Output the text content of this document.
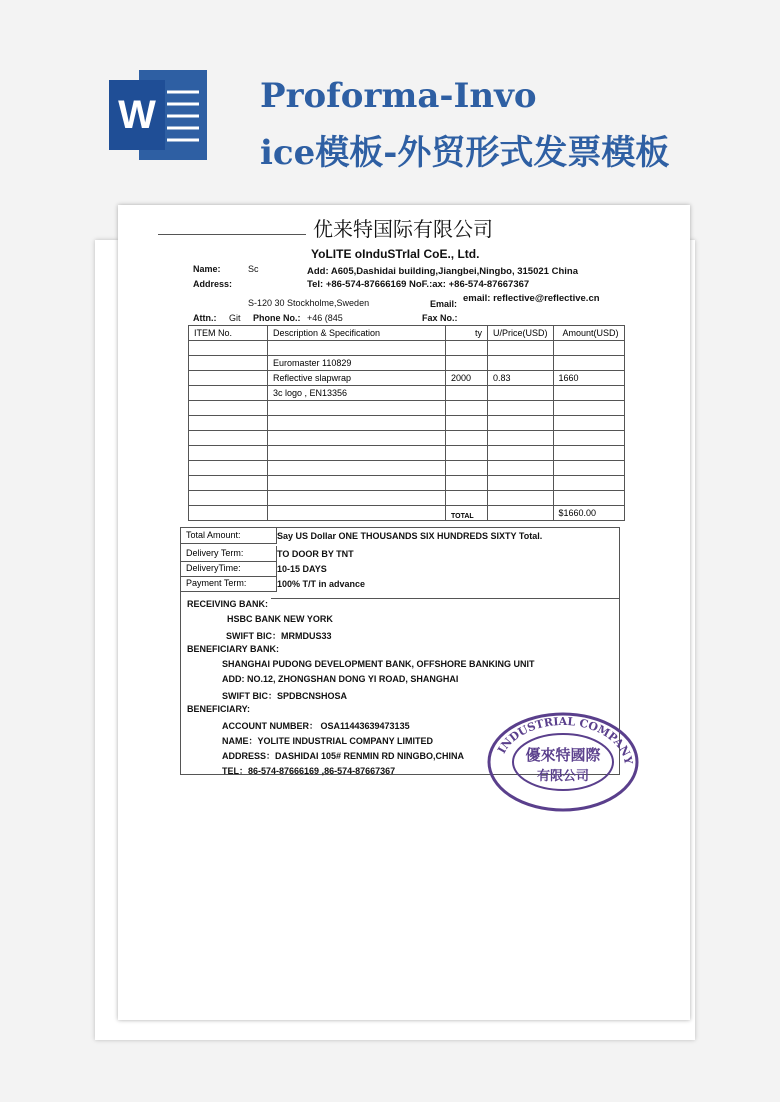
W	Proforma-Invo
ice模板-外贸形式发票模板
优来特国际有限公司
YoLITE oInduSTrIal CoE., Ltd.
Add: A605,Dashidai building,Jiangbei,Ningbo, 315021 China
Tel: +86-574-87666169 NoF.:ax: +86-574-87667367
email: reflective@reflective.cn
Name:	Sc
Address:
S-120 30 Stockholme,Sweden	Email:
Attn.: Git Phone No.: +46 (845	Fax No.:
ITEM No.	Description & Specification	ty	U/Price(USD)	Amount(USD)

	Euromaster 110829			
	Reflective slapwrap	2000	0.83	1660
	3c logo , EN13356			

		TOTAL		$1660.00
Total Amount:	Say US Dollar ONE THOUSANDS SIX HUNDREDS SIXTY Total.
Delivery Term:	TO DOOR BY TNT
DeliveryTime:	10-15 DAYS
Payment Term:	100% T/T in advance
RECEIVING BANK:
HSBC BANK NEW YORK
SWIFT BIC：MRMDUS33
BENEFICIARY BANK:
SHANGHAI PUDONG DEVELOPMENT BANK, OFFSHORE BANKING UNIT
ADD: NO.12, ZHONGSHAN DONG YI ROAD, SHANGHAI
SWIFT BIC：SPDBCNSHOSA
BENEFICIARY:
ACCOUNT NUMBER： OSA11443639473135
NAME：YOLITE INDUSTRIAL COMPANY LIMITED
ADDRESS：DASHIDAI 105# RENMIN RD NINGBO,CHINA
TEL：86-574-87666169 ,86-574-87667367
INDUSTRIAL COMPANY
優來特國際
有限公司
